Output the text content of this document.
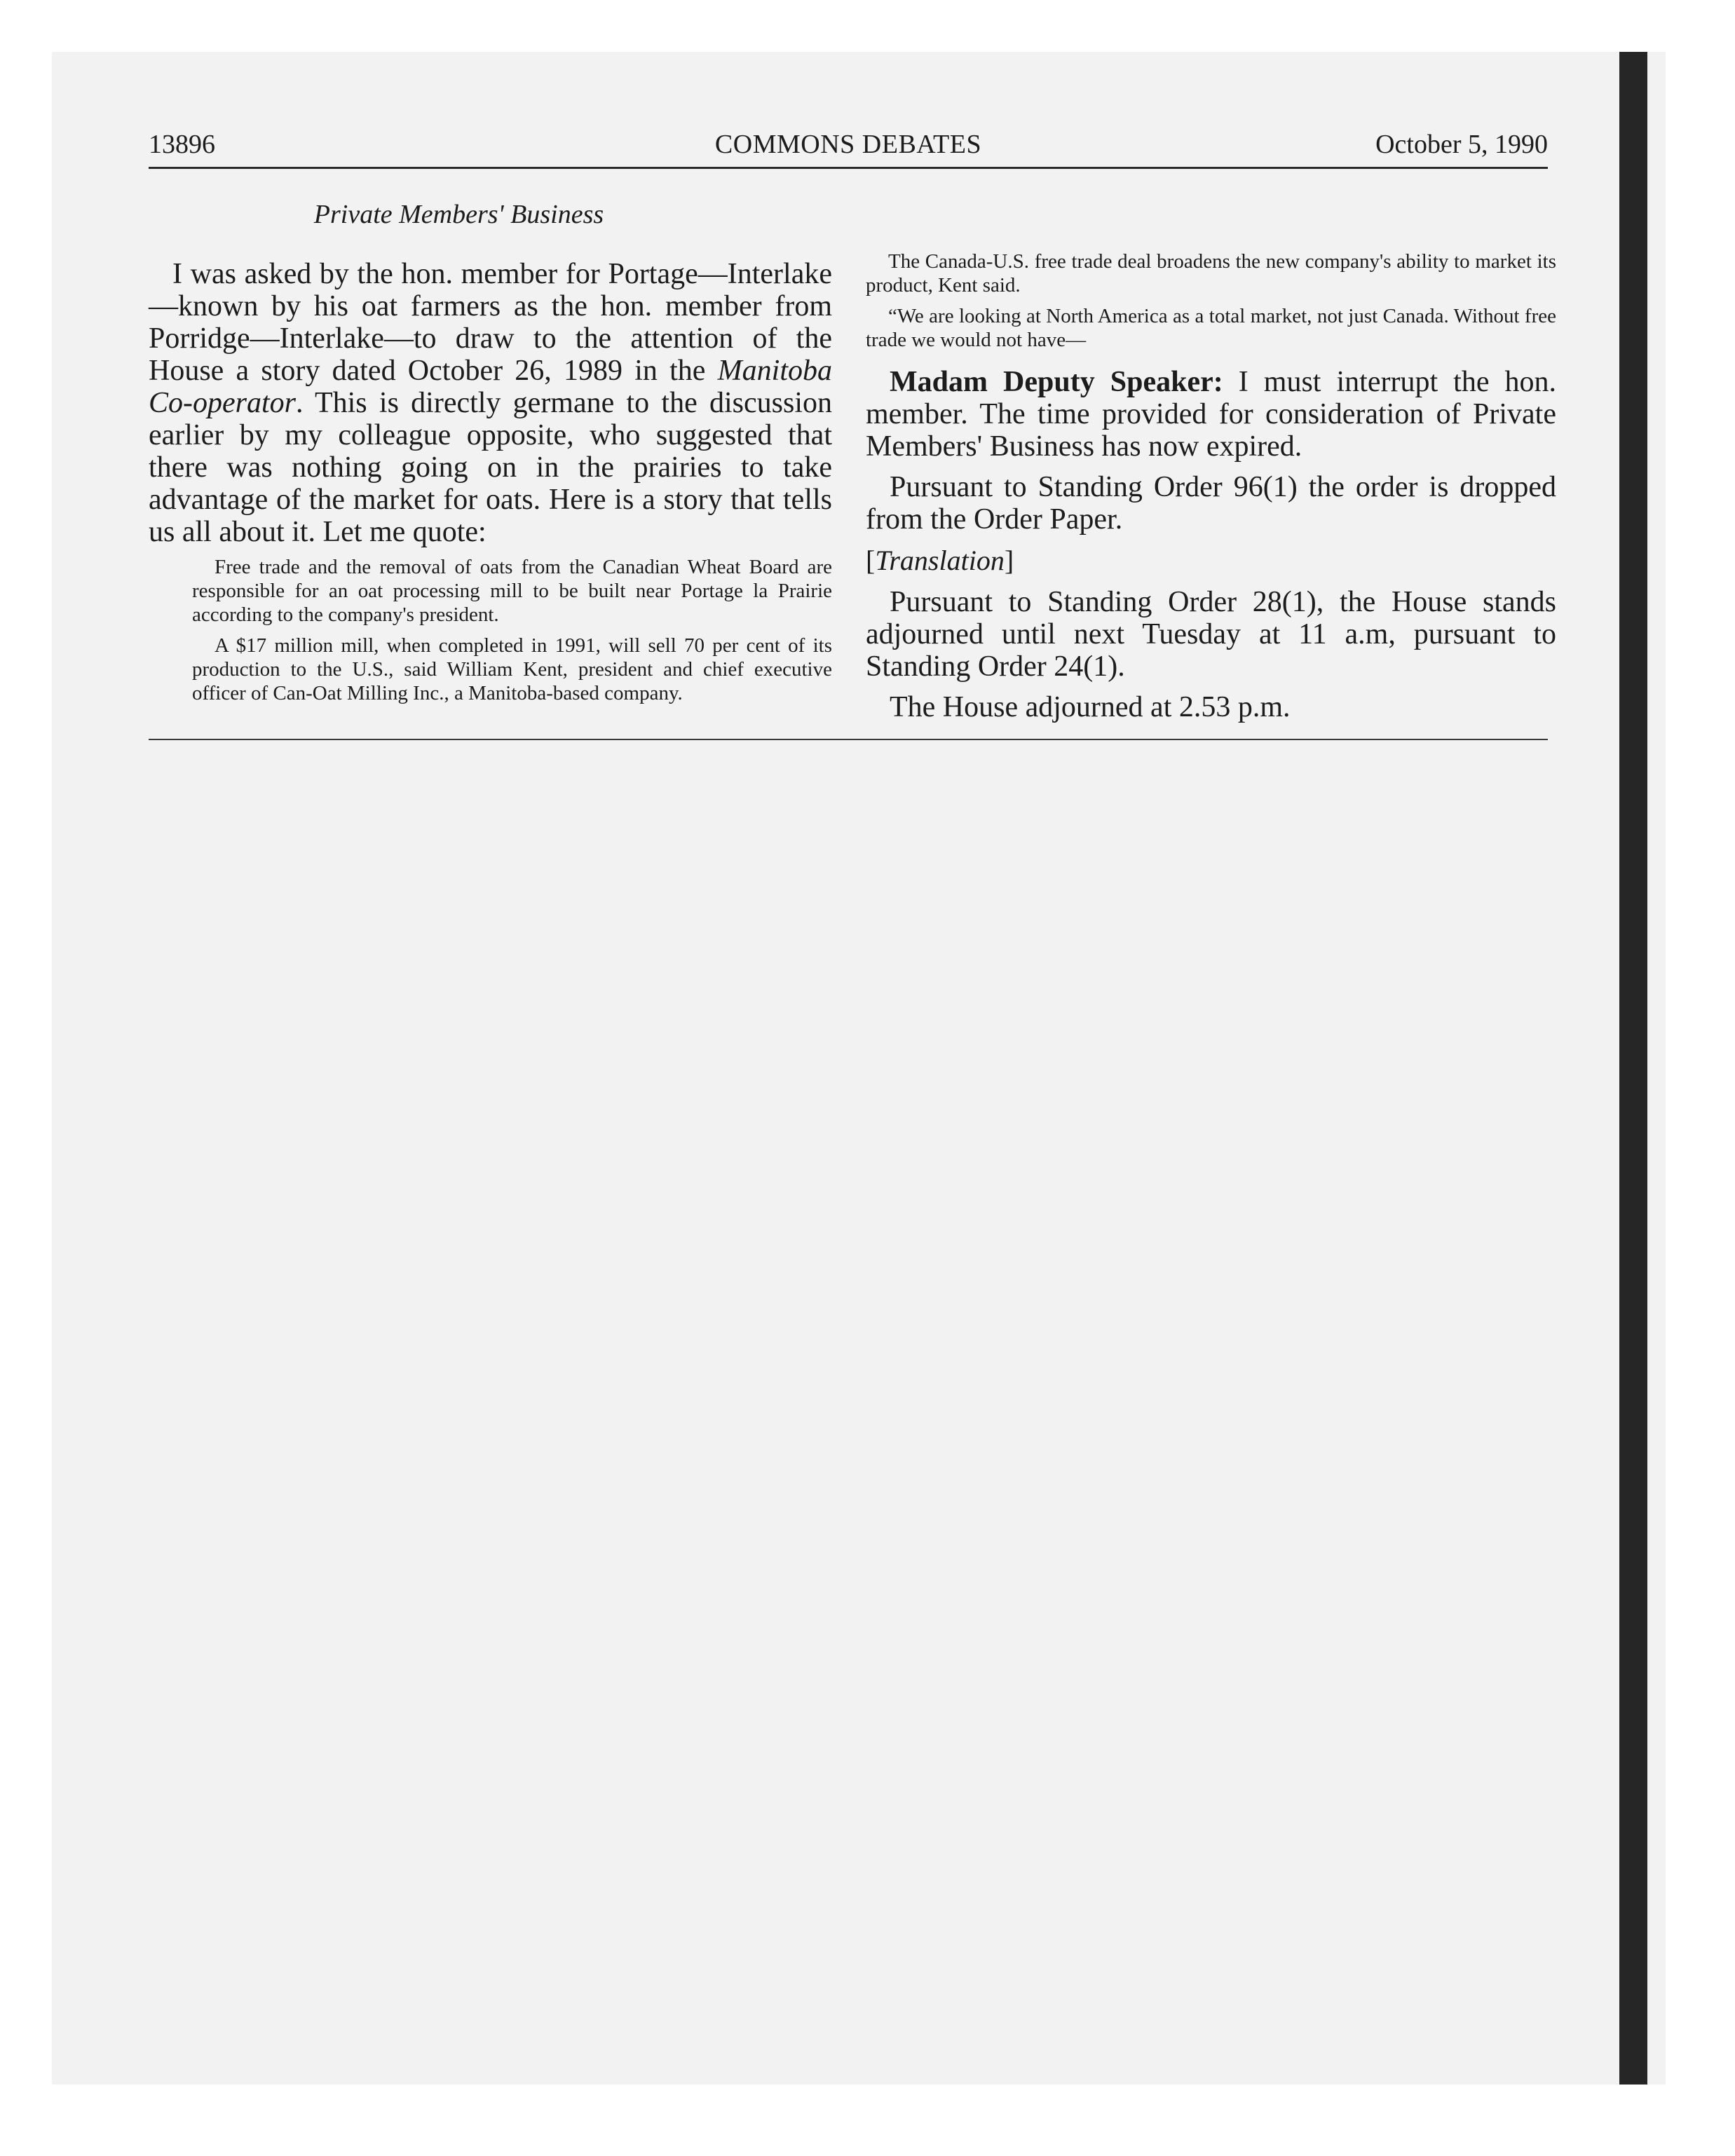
13896	COMMONS DEBATES	October 5, 1990
Private Members' Business

I was asked by the hon. member for Portage—Interlake—known by his oat farmers as the hon. member from Porridge—Interlake—to draw to the attention of the House a story dated October 26, 1989 in the Manitoba Co-operator. This is directly germane to the discussion earlier by my colleague opposite, who suggested that there was nothing going on in the prairies to take advantage of the market for oats. Here is a story that tells us all about it. Let me quote:

Free trade and the removal of oats from the Canadian Wheat Board are responsible for an oat processing mill to be built near Portage la Prairie according to the company's president.

A $17 million mill, when completed in 1991, will sell 70 per cent of its production to the U.S., said William Kent, president and chief executive officer of Can-Oat Milling Inc., a Manitoba-based company.

The Canada-U.S. free trade deal broadens the new company's ability to market its product, Kent said.

“We are looking at North America as a total market, not just Canada. Without free trade we would not have—

Madam Deputy Speaker: I must interrupt the hon. member. The time provided for consideration of Private Members' Business has now expired.

Pursuant to Standing Order 96(1) the order is dropped from the Order Paper.

[Translation]

Pursuant to Standing Order 28(1), the House stands adjourned until next Tuesday at 11 a.m, pursuant to Standing Order 24(1).

The House adjourned at 2.53 p.m.
